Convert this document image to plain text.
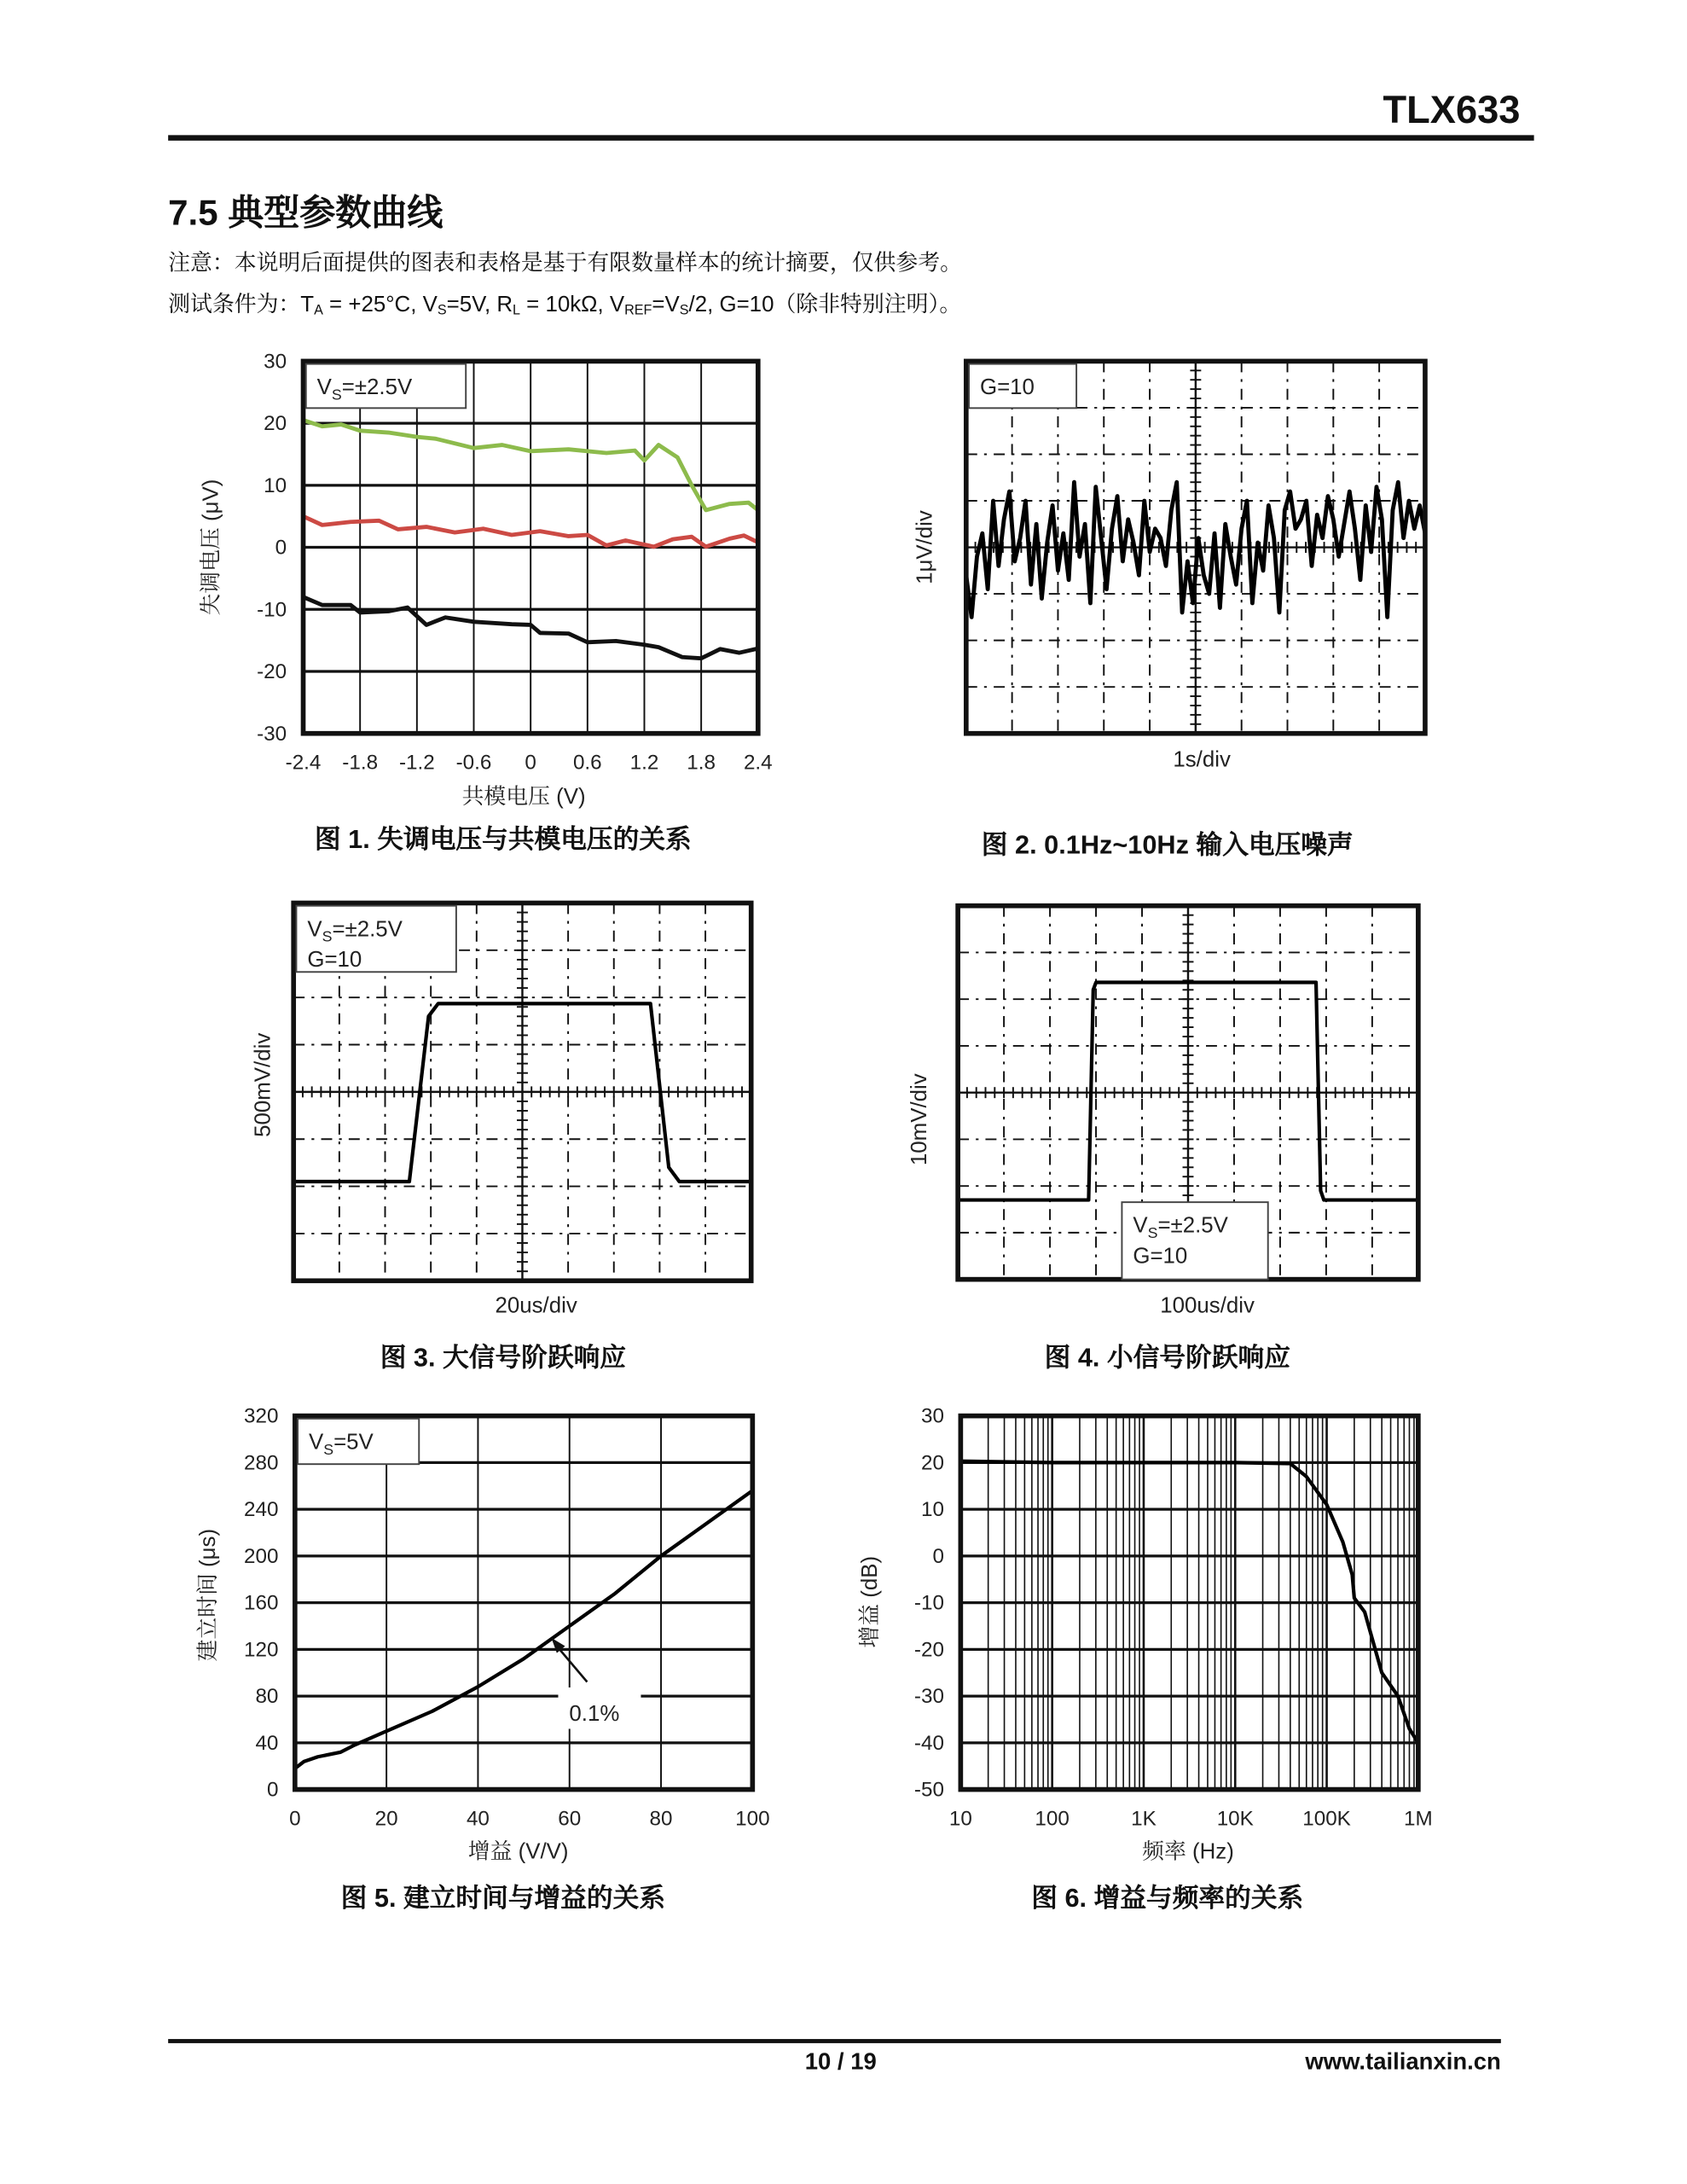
TLX633
7.5 典型参数曲线
注意：本说明后面提供的图表和表格是基于有限数量样本的统计摘要，仅供参考。
测试条件为：$T_A = +25^\circ C$, $V_S=5V$, $R_L = 10k\Omega$, $V_{REF}=V_S/2$, G=10（除非特别注明）。
图 1. 失调电压与共模电压的关系	图 2. 0.1Hz~10Hz 输入电压噪声
图 3. 大信号阶跃响应	图 4. 小信号阶跃响应
图 5. 建立时间与增益的关系	图 6. 增益与频率的关系
-2.4 -1.8 -1.2 -0.6	0	0.6 1.2 1.8 2.4
30
20
10
0
-10
-20
-30
失调电压 (μV)
共模电压 (V)
$V_S=\pm 2.5V$
1μV/div
1s/div
G=10
500mV/div
20us/div
$V_S=\pm 2.5V$
G=10
10mV/div
100us/div
$V_S=\pm 2.5V$
G=10
0	20	40	60	80	100
320
280
240
200
160
120
80
40
0
建立时间 (μs)
增益 (V/V)
$V_S=5V$
0.1%
10	100	1K	10K	100K	1M
30
20
10
0
-10
-20
-30
-40
-50
增益 (dB)
频率 (Hz)
10 / 19	www.tailianxin.cn
